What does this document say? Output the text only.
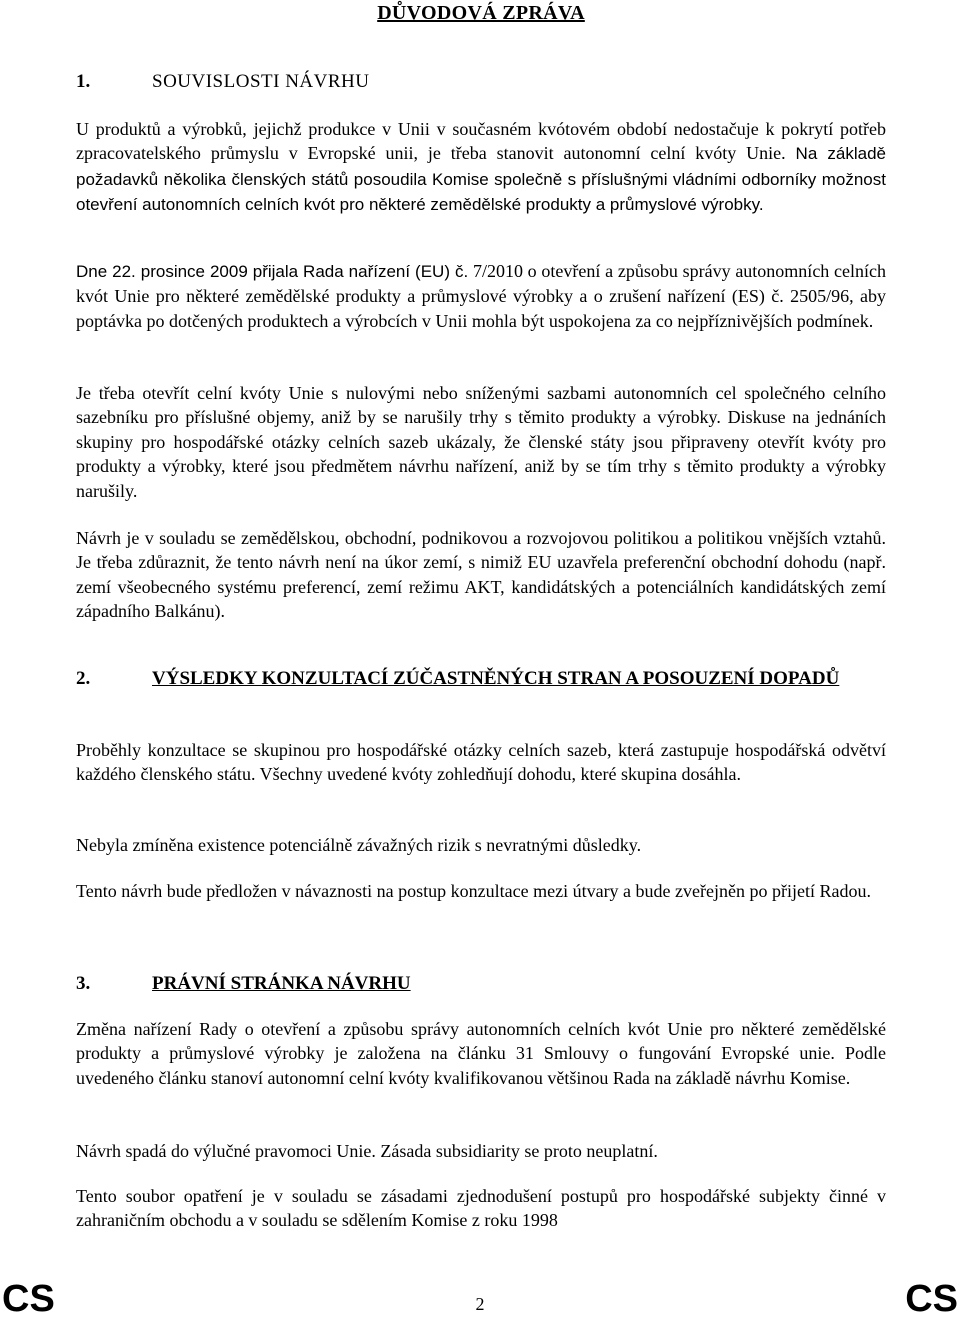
DŮVODOVÁ ZPRÁVA
1.	SOUVISLOSTI NÁVRHU

U produktů a výrobků, jejichž produkce v Unii v současném kvótovém období nedostačuje k pokrytí potřeb zpracovatelského průmyslu v Evropské unii, je třeba stanovit autonomní celní kvóty Unie. Na základě požadavků několika členských států posoudila Komise společně s příslušnými vládními odborníky možnost otevření autonomních celních kvót pro některé zemědělské produkty a průmyslové výrobky.

Dne 22. prosince 2009 přijala Rada nařízení (EU) č. 7/2010 o otevření a způsobu správy autonomních celních kvót Unie pro některé zemědělské produkty a průmyslové výrobky a o zrušení nařízení (ES) č. 2505/96, aby poptávka po dotčených produktech a výrobcích v Unii mohla být uspokojena za co nejpříznivějších podmínek.

Je třeba otevřít celní kvóty Unie s nulovými nebo sníženými sazbami autonomních cel společného celního sazebníku pro příslušné objemy, aniž by se narušily trhy s těmito produkty a výrobky. Diskuse na jednáních skupiny pro hospodářské otázky celních sazeb ukázaly, že členské státy jsou připraveny otevřít kvóty pro produkty a výrobky, které jsou předmětem návrhu nařízení, aniž by se tím trhy s těmito produkty a výrobky narušily.

Návrh je v souladu se zemědělskou, obchodní, podnikovou a rozvojovou politikou a politikou vnějších vztahů. Je třeba zdůraznit, že tento návrh není na úkor zemí, s nimiž EU uzavřela preferenční obchodní dohodu (např. zemí všeobecného systému preferencí, zemí režimu AKT, kandidátských a potenciálních kandidátských zemí západního Balkánu).

2.	VÝSLEDKY KONZULTACÍ ZÚČASTNĚNÝCH STRAN A POSOUZENÍ DOPADŮ

Proběhly konzultace se skupinou pro hospodářské otázky celních sazeb, která zastupuje hospodářská odvětví každého členského státu. Všechny uvedené kvóty zohledňují dohodu, které skupina dosáhla.

Nebyla zmíněna existence potenciálně závažných rizik s nevratnými důsledky.

Tento návrh bude předložen v návaznosti na postup konzultace mezi útvary a bude zveřejněn po přijetí Radou.

3.	PRÁVNÍ STRÁNKA NÁVRHU

Změna nařízení Rady o otevření a způsobu správy autonomních celních kvót Unie pro některé zemědělské produkty a průmyslové výrobky je založena na článku 31 Smlouvy o fungování Evropské unie. Podle uvedeného článku stanoví autonomní celní kvóty kvalifikovanou většinou Rada na základě návrhu Komise.

Návrh spadá do výlučné pravomoci Unie. Zásada subsidiarity se proto neuplatní.

Tento soubor opatření je v souladu se zásadami zjednodušení postupů pro hospodářské subjekty činné v zahraničním obchodu a v souladu se sdělením Komise z roku 1998

CS	2	CS
